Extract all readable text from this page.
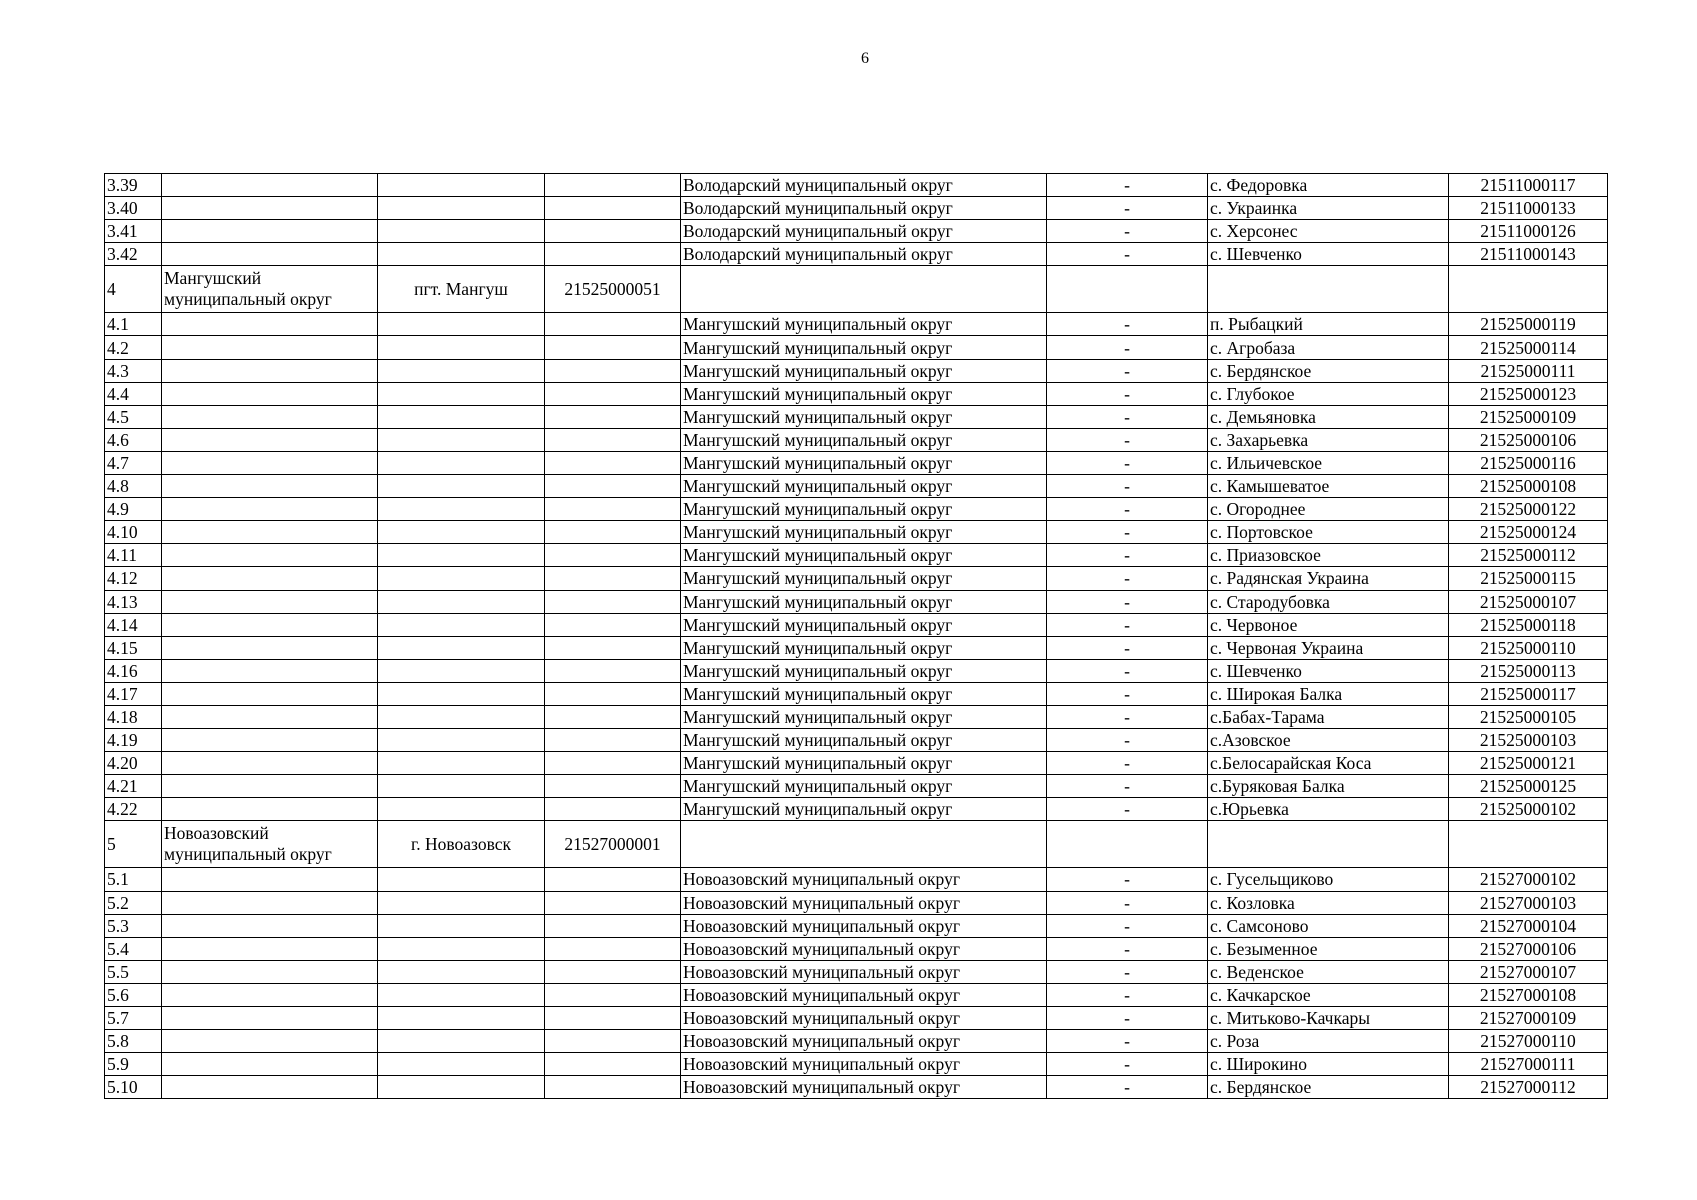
6
3.39				Володарский муниципальный округ	-	с. Федоровка	21511000117
3.40				Володарский муниципальный округ	-	с. Украинка	21511000133
3.41				Володарский муниципальный округ	-	с. Херсонес	21511000126
3.42				Володарский муниципальный округ	-	с. Шевченко	21511000143
4	Мангушский муниципальный округ	пгт. Мангуш	21525000051				
4.1				Мангушский муниципальный округ	-	п. Рыбацкий	21525000119
4.2				Мангушский муниципальный округ	-	с. Агробаза	21525000114
4.3				Мангушский муниципальный округ	-	с. Бердянское	21525000111
4.4				Мангушский муниципальный округ	-	с. Глубокое	21525000123
4.5				Мангушский муниципальный округ	-	с. Демьяновка	21525000109
4.6				Мангушский муниципальный округ	-	с. Захарьевка	21525000106
4.7				Мангушский муниципальный округ	-	с. Ильичевское	21525000116
4.8				Мангушский муниципальный округ	-	с. Камышеватое	21525000108
4.9				Мангушский муниципальный округ	-	с. Огороднее	21525000122
4.10				Мангушский муниципальный округ	-	с. Портовское	21525000124
4.11				Мангушский муниципальный округ	-	с. Приазовское	21525000112
4.12				Мангушский муниципальный округ	-	с. Радянская Украина	21525000115
4.13				Мангушский муниципальный округ	-	с. Стародубовка	21525000107
4.14				Мангушский муниципальный округ	-	с. Червоное	21525000118
4.15				Мангушский муниципальный округ	-	с. Червоная Украина	21525000110
4.16				Мангушский муниципальный округ	-	с. Шевченко	21525000113
4.17				Мангушский муниципальный округ	-	с. Широкая Балка	21525000117
4.18				Мангушский муниципальный округ	-	с.Бабах-Тарама	21525000105
4.19				Мангушский муниципальный округ	-	с.Азовское	21525000103
4.20				Мангушский муниципальный округ	-	с.Белосарайская Коса	21525000121
4.21				Мангушский муниципальный округ	-	с.Буряковая Балка	21525000125
4.22				Мангушский муниципальный округ	-	с.Юрьевка	21525000102
5	Новоазовский муниципальный округ	г. Новоазовск	21527000001				
5.1				Новоазовский муниципальный округ	-	с. Гусельщиково	21527000102
5.2				Новоазовский муниципальный округ	-	с. Козловка	21527000103
5.3				Новоазовский муниципальный округ	-	с. Самсоново	21527000104
5.4				Новоазовский муниципальный округ	-	с. Безыменное	21527000106
5.5				Новоазовский муниципальный округ	-	с. Веденское	21527000107
5.6				Новоазовский муниципальный округ	-	с. Качкарское	21527000108
5.7				Новоазовский муниципальный округ	-	с. Митьково-Качкары	21527000109
5.8				Новоазовский муниципальный округ	-	с. Роза	21527000110
5.9				Новоазовский муниципальный округ	-	с. Широкино	21527000111
5.10				Новоазовский муниципальный округ	-	с. Бердянское	21527000112
